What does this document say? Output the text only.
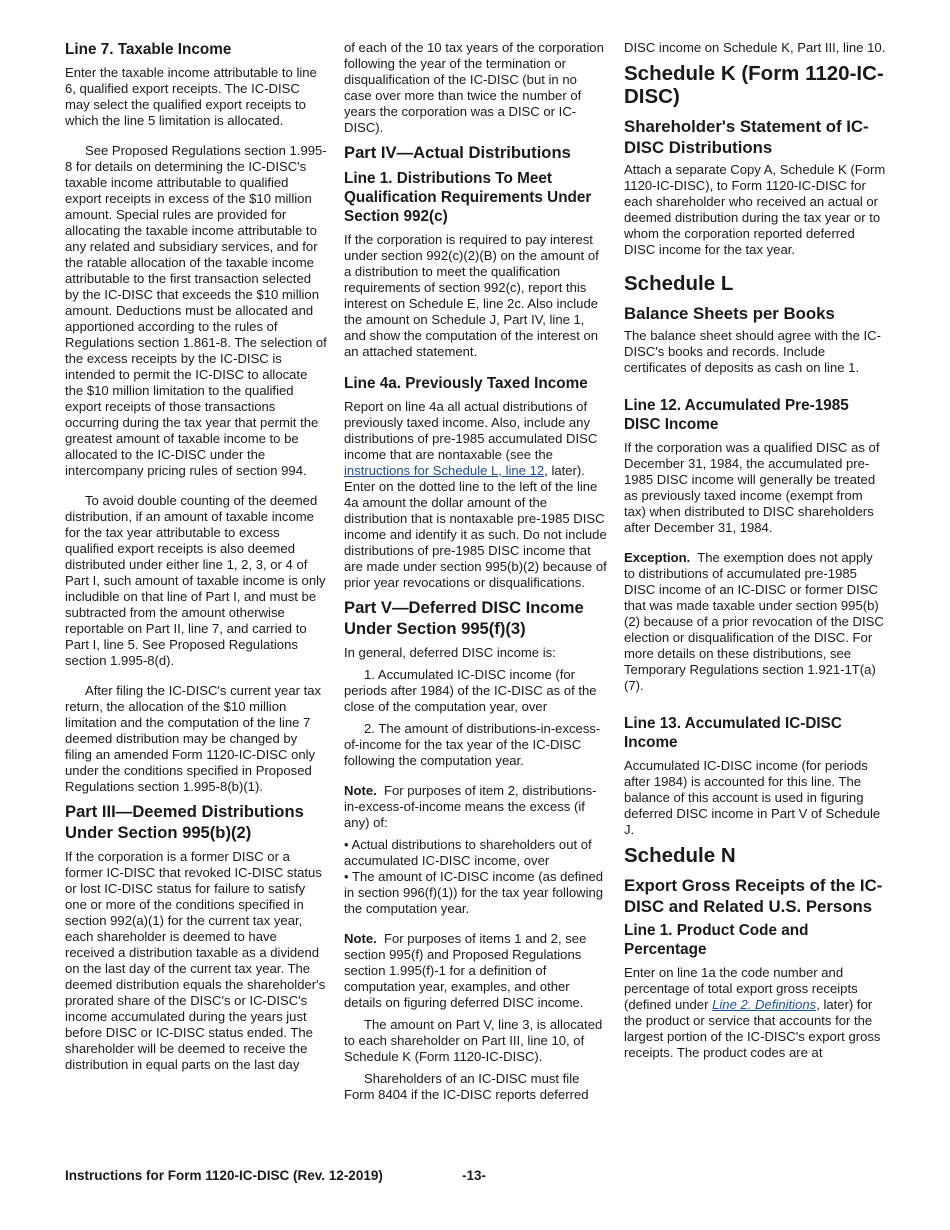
Line 7. Taxable Income

Enter the taxable income attributable to line 6, qualified export receipts. The IC-DISC may select the qualified export receipts to which the line 5 limitation is allocated.

See Proposed Regulations section 1.995-8 for details on determining the IC-DISC's taxable income attributable to qualified export receipts in excess of the $10 million amount. Special rules are provided for allocating the taxable income attributable to any related and subsidiary services, and for the ratable allocation of the taxable income attributable to the first transaction selected by the IC-DISC that exceeds the $10 million amount. Deductions must be allocated and apportioned according to the rules of Regulations section 1.861-8. The selection of the excess receipts by the IC-DISC is intended to permit the IC-DISC to allocate the $10 million limitation to the qualified export receipts of those transactions occurring during the tax year that permit the greatest amount of taxable income to be allocated to the IC-DISC under the intercompany pricing rules of section 994.

To avoid double counting of the deemed distribution, if an amount of taxable income for the tax year attributable to excess qualified export receipts is also deemed distributed under either line 1, 2, 3, or 4 of Part I, such amount of taxable income is only includible on that line of Part I, and must be subtracted from the amount otherwise reportable on Part II, line 7, and carried to Part I, line 5. See Proposed Regulations section 1.995-8(d).

After filing the IC-DISC's current year tax return, the allocation of the $10 million limitation and the computation of the line 7 deemed distribution may be changed by filing an amended Form 1120-IC-DISC only under the conditions specified in Proposed Regulations section 1.995-8(b)(1).

Part III—Deemed Distributions Under Section 995(b)(2)

If the corporation is a former DISC or a former IC-DISC that revoked IC-DISC status or lost IC-DISC status for failure to satisfy one or more of the conditions specified in section 992(a)(1) for the current tax year, each shareholder is deemed to have received a distribution taxable as a dividend on the last day of the current tax year. The deemed distribution equals the shareholder's prorated share of the DISC's or IC-DISC's income accumulated during the years just before DISC or IC-DISC status ended. The shareholder will be deemed to receive the distribution in equal parts on the last day

of each of the 10 tax years of the corporation following the year of the termination or disqualification of the IC-DISC (but in no case over more than twice the number of years the corporation was a DISC or IC-DISC).

Part IV—Actual Distributions
Line 1. Distributions To Meet Qualification Requirements Under Section 992(c)

If the corporation is required to pay interest under section 992(c)(2)(B) on the amount of a distribution to meet the qualification requirements of section 992(c), report this interest on Schedule E, line 2c. Also include the amount on Schedule J, Part IV, line 1, and show the computation of the interest on an attached statement.

Line 4a. Previously Taxed Income

Report on line 4a all actual distributions of previously taxed income. Also, include any distributions of pre-1985 accumulated DISC income that are nontaxable (see the instructions for Schedule L, line 12, later). Enter on the dotted line to the left of the line 4a amount the dollar amount of the distribution that is nontaxable pre-1985 DISC income and identify it as such. Do not include distributions of pre-1985 DISC income that are made under section 995(b)(2) because of prior year revocations or disqualifications.

Part V—Deferred DISC Income Under Section 995(f)(3)

In general, deferred DISC income is:

1. Accumulated IC-DISC income (for periods after 1984) of the IC-DISC as of the close of the computation year, over

2. The amount of distributions-in-excess-of-income for the tax year of the IC-DISC following the computation year.

Note. For purposes of item 2, distributions-in-excess-of-income means the excess (if any) of:

• Actual distributions to shareholders out of accumulated IC-DISC income, over

• The amount of IC-DISC income (as defined in section 996(f)(1)) for the tax year following the computation year.

Note. For purposes of items 1 and 2, see section 995(f) and Proposed Regulations section 1.995(f)-1 for a definition of computation year, examples, and other details on figuring deferred DISC income.

The amount on Part V, line 3, is allocated to each shareholder on Part III, line 10, of Schedule K (Form 1120-IC-DISC).

Shareholders of an IC-DISC must file Form 8404 if the IC-DISC reports deferred

DISC income on Schedule K, Part III, line 10.

Schedule K (Form 1120-IC-DISC)
Shareholder's Statement of IC-DISC Distributions

Attach a separate Copy A, Schedule K (Form 1120-IC-DISC), to Form 1120-IC-DISC for each shareholder who received an actual or deemed distribution during the tax year or to whom the corporation reported deferred DISC income for the tax year.

Schedule L
Balance Sheets per Books

The balance sheet should agree with the IC-DISC's books and records. Include certificates of deposits as cash on line 1.

Line 12. Accumulated Pre-1985 DISC Income

If the corporation was a qualified DISC as of December 31, 1984, the accumulated pre-1985 DISC income will generally be treated as previously taxed income (exempt from tax) when distributed to DISC shareholders after December 31, 1984.

Exception. The exemption does not apply to distributions of accumulated pre-1985 DISC income of an IC-DISC or former DISC that was made taxable under section 995(b)(2) because of a prior revocation of the DISC election or disqualification of the DISC. For more details on these distributions, see Temporary Regulations section 1.921-1T(a)(7).

Line 13. Accumulated IC-DISC Income

Accumulated IC-DISC income (for periods after 1984) is accounted for this line. The balance of this account is used in figuring deferred DISC income in Part V of Schedule J.

Schedule N
Export Gross Receipts of the IC-DISC and Related U.S. Persons
Line 1. Product Code and Percentage

Enter on line 1a the code number and percentage of total export gross receipts (defined under Line 2. Definitions, later) for the product or service that accounts for the largest portion of the IC-DISC's export gross receipts. The product codes are at

Instructions for Form 1120-IC-DISC (Rev. 12-2019)	-13-
